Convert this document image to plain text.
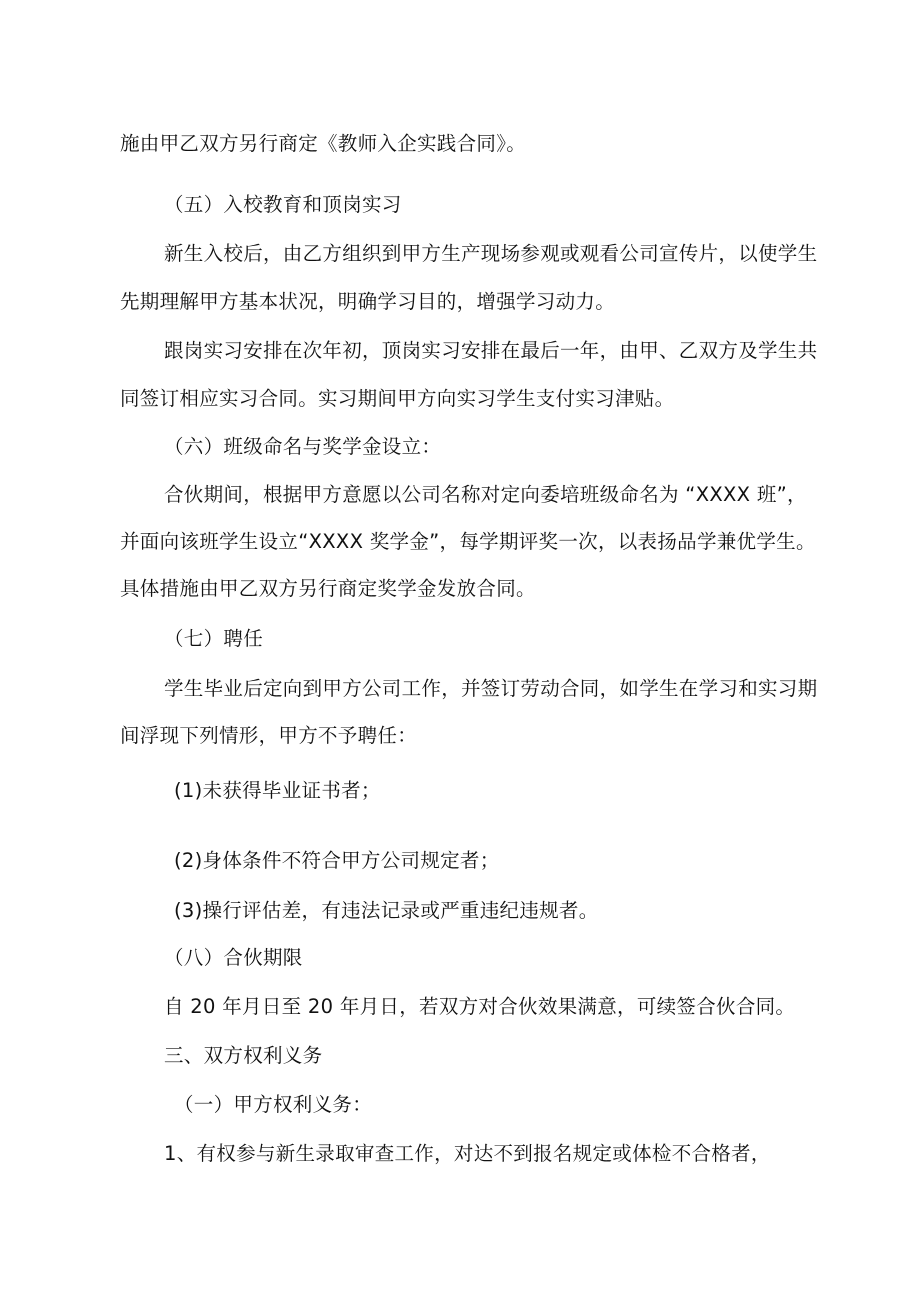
施由甲乙双方另行商定《教师入企实践合同》。
（五）入校教育和顶岗实习
新生入校后，由乙方组织到甲方生产现场参观或观看公司宣传片，以使学生
先期理解甲方基本状况，明确学习目的，增强学习动力。
跟岗实习安排在次年初，顶岗实习安排在最后一年，由甲、乙双方及学生共
同签订相应实习合同。实习期间甲方向实习学生支付实习津贴。
（六）班级命名与奖学金设立：
合伙期间，根据甲方意愿以公司名称对定向委培班级命名为 “XXXX 班”，
并面向该班学生设立“XXXX 奖学金”，每学期评奖一次，以表扬品学兼优学生。
具体措施由甲乙双方另行商定奖学金发放合同。
（七）聘任
学生毕业后定向到甲方公司工作，并签订劳动合同，如学生在学习和实习期
间浮现下列情形，甲方不予聘任：
(1)未获得毕业证书者；
(2)身体条件不符合甲方公司规定者；
(3)操行评估差，有违法记录或严重违纪违规者。
（八）合伙期限
自 20 年月日至 20 年月日，若双方对合伙效果满意，可续签合伙合同。
三、双方权利义务
（一）甲方权利义务：
1、有权参与新生录取审查工作，对达不到报名规定或体检不合格者，
